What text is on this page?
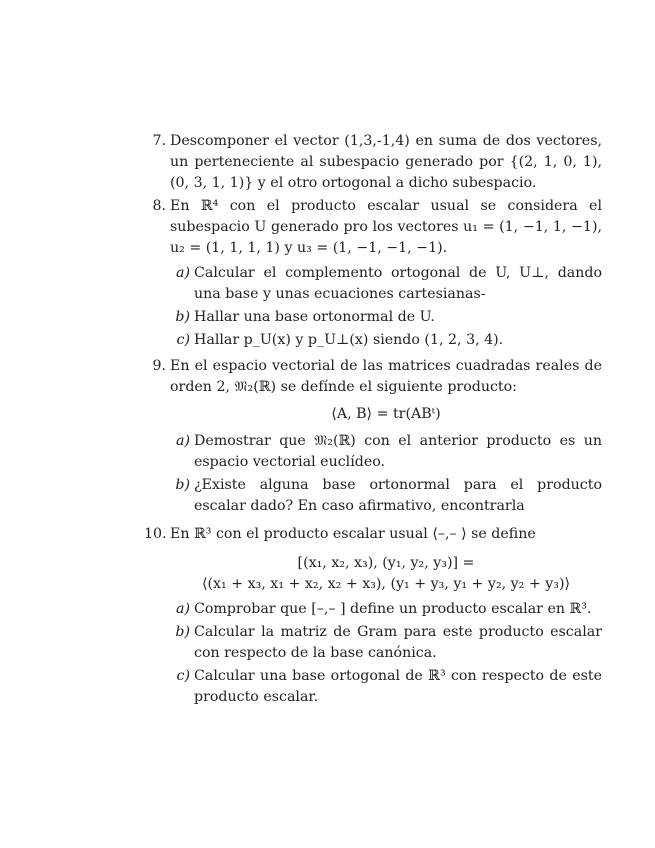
7. Descomponer el vector (1,3,-1,4) en suma de dos vectores, un perteneciente al subespacio generado por {(2, 1, 0, 1), (0, 3, 1, 1)} y el otro ortogonal a dicho subespacio.
8. En ℝ⁴ con el producto escalar usual se considera el subespacio U generado pro los vectores u₁ = (1, −1, 1, −1), u₂ = (1, 1, 1, 1) y u₃ = (1, −1, −1, −1).
a) Calcular el complemento ortogonal de U, U⊥, dando una base y unas ecuaciones cartesianas-
b) Hallar una base ortonormal de U.
c) Hallar p_U(x) y p_U⊥(x) siendo (1, 2, 3, 4).
9. En el espacio vectorial de las matrices cuadradas reales de orden 2, 𝔐₂(ℝ) se defínde el siguiente producto:
⟨A, B⟩ = tr(ABᵗ)
a) Demostrar que 𝔐₂(ℝ) con el anterior producto es un espacio vectorial euclídeo.
b) ¿Existe alguna base ortonormal para el producto escalar dado? En caso afirmativo, encontrarla
10. En ℝ³ con el producto escalar usual ⟨–,– ⟩ se define
[(x₁, x₂, x₃), (y₁, y₂, y₃)] =
⟨(x₁ + x₃, x₁ + x₂, x₂ + x₃), (y₁ + y₃, y₁ + y₂, y₂ + y₃)⟩
a) Comprobar que [–,– ] define un producto escalar en ℝ³.
b) Calcular la matriz de Gram para este producto escalar con respecto de la base canónica.
c) Calcular una base ortogonal de ℝ³ con respecto de este producto escalar.
